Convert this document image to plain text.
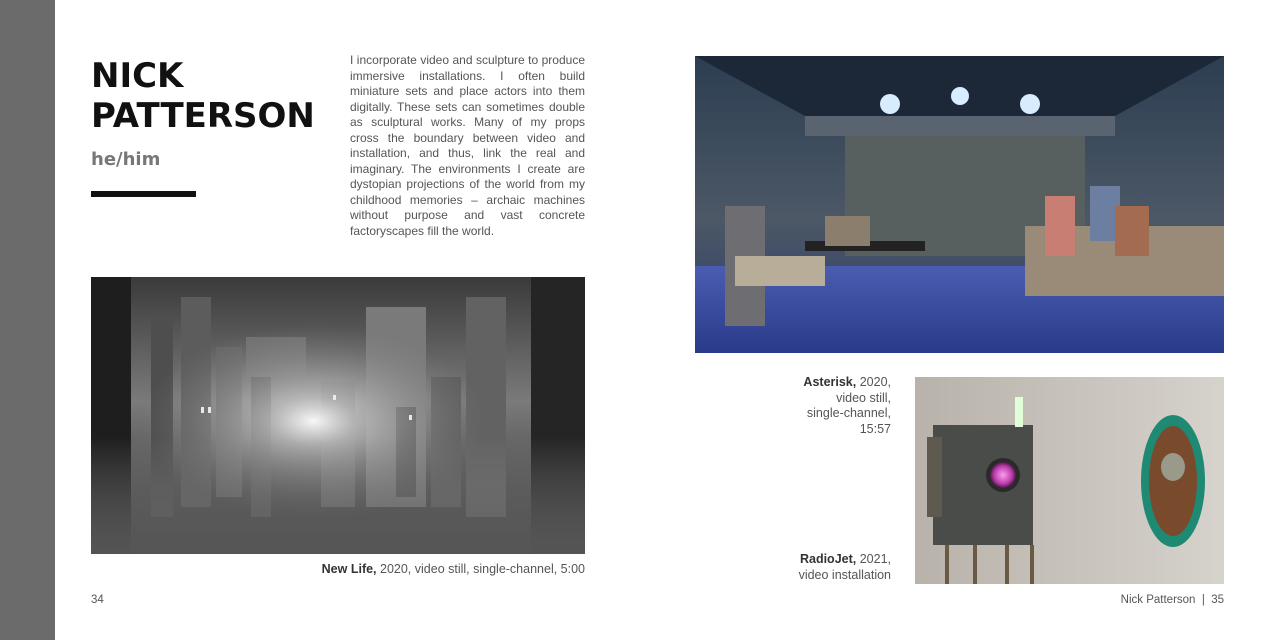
NICK
PATTERSON

he/him

I incorporate video and sculpture to produce immersive installations. I often build miniature sets and place actors into them digitally. These sets can sometimes double as sculptural works. Many of my props cross the boundary between video and installation, and thus, link the real and imaginary. The environments I create are dystopian projections of the world from my childhood memories – archaic machines without purpose and vast concrete factoryscapes fill the world.

New Life, 2020, video still, single-channel, 5:00
Asterisk, 2020,
video still,
single-channel,
15:57
RadioJet, 2021,
video installation
34	Nick Patterson  |  35
